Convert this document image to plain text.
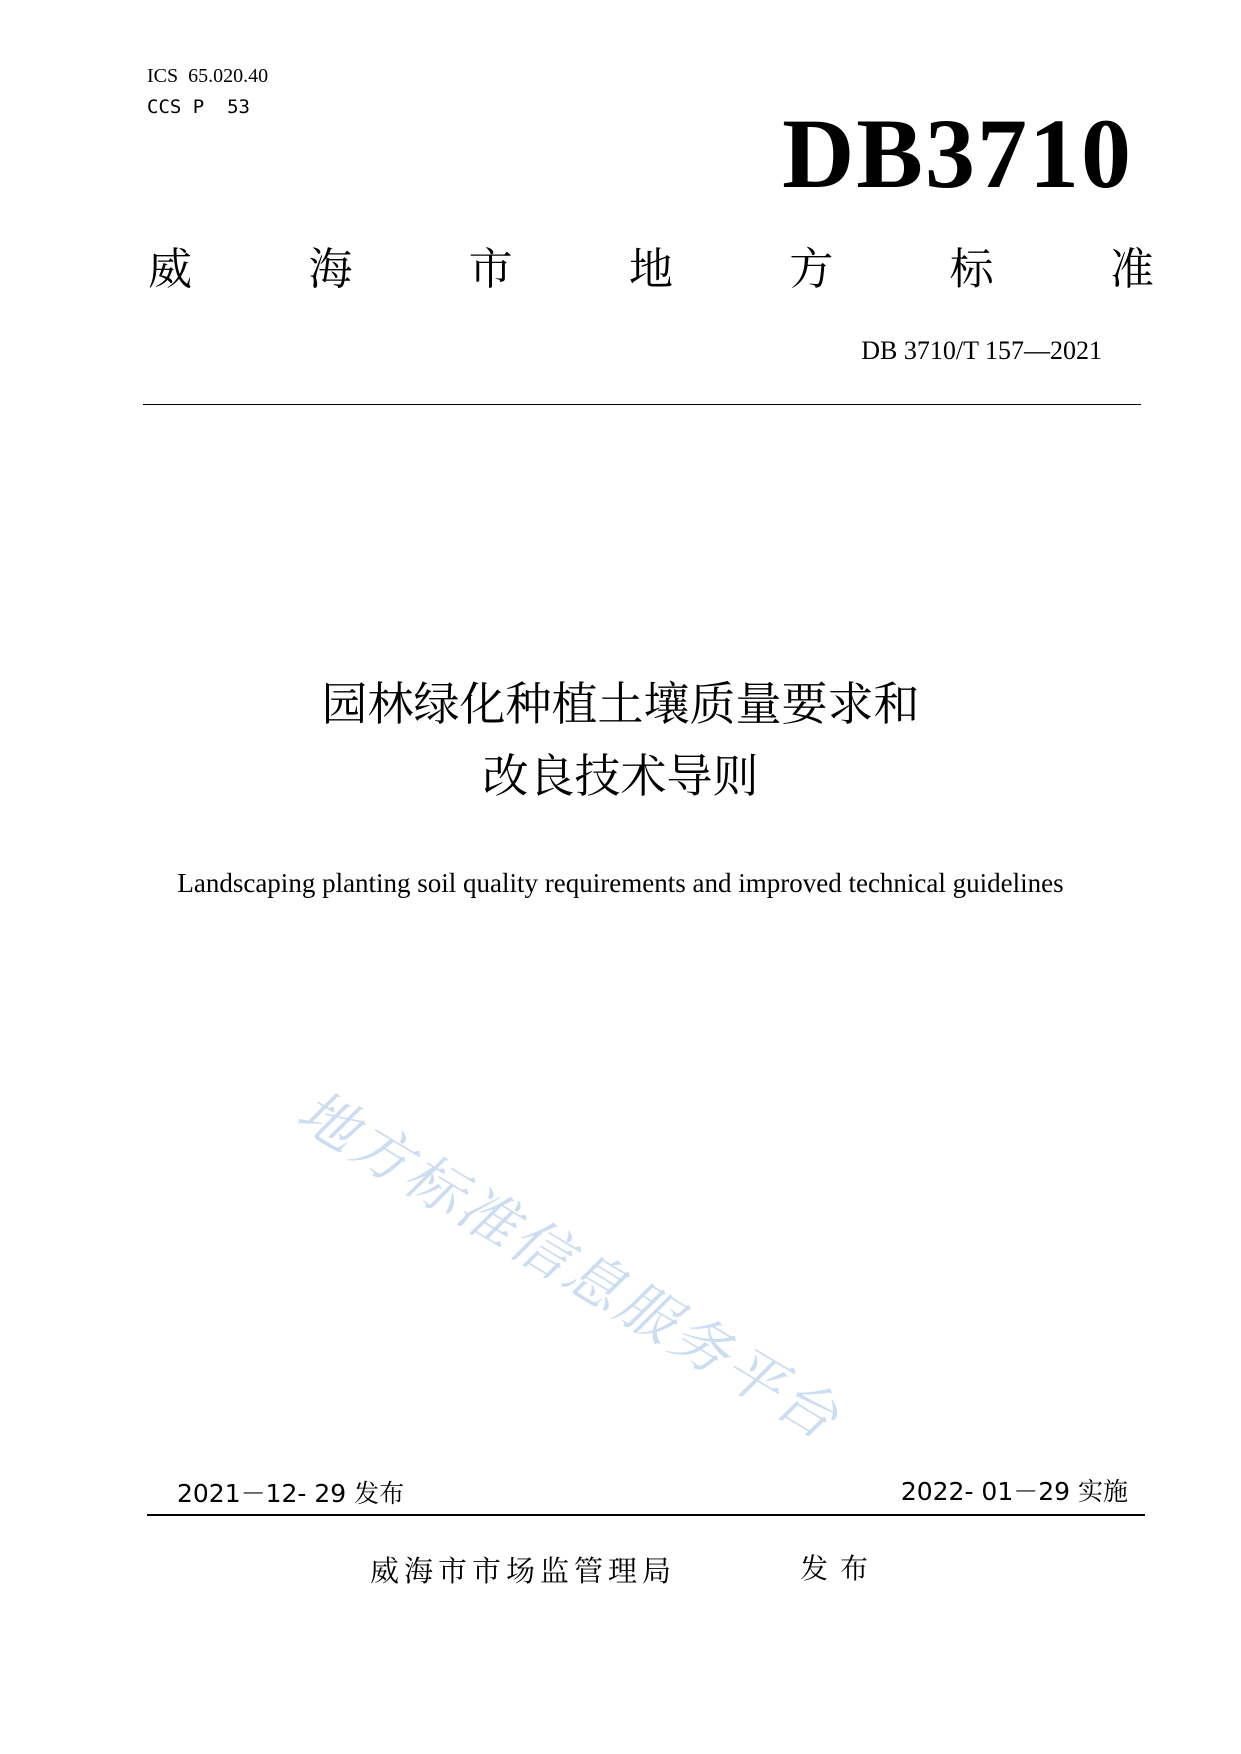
ICS  65.020.40
CCS P  53	DB3710
威	海	市	地	方	标	准
DB 3710/T 157—2021
园林绿化种植土壤质量要求和
改良技术导则
Landscaping planting soil quality requirements and improved technical guidelines
地方标准信息服务平台
2021－12- 29 发布	2022- 01－29 实施
威海市市场监管理局	发布
